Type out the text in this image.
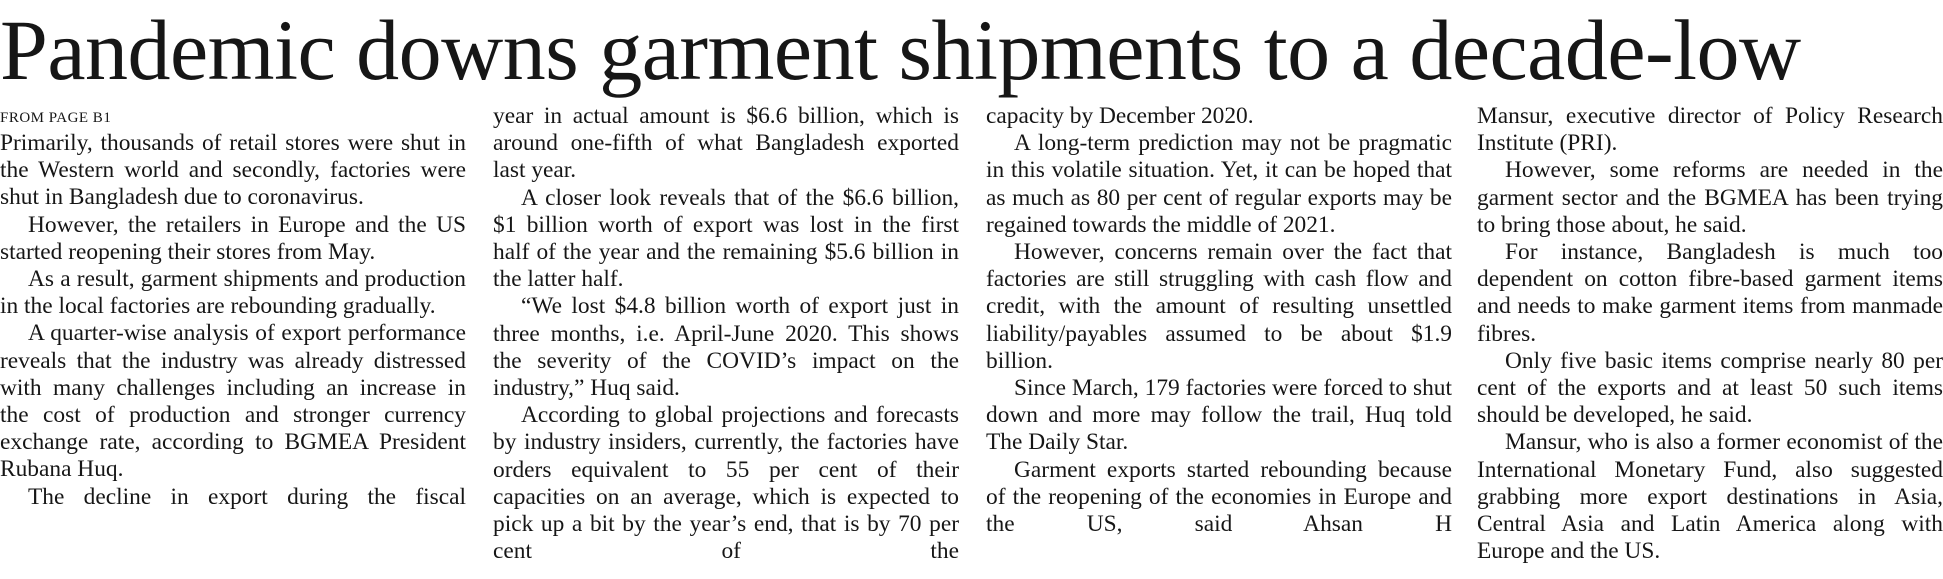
Pandemic downs garment shipments to a decade-low
FROM PAGE B1

Primarily, thousands of retail stores were shut in the Western world and secondly, factories were shut in Bangladesh due to coronavirus.

However, the retailers in Europe and the US started reopening their stores from May.

As a result, garment shipments and production in the local factories are rebounding gradually.

A quarter-wise analysis of export performance reveals that the industry was already distressed with many challenges including an increase in the cost of production and stronger currency exchange rate, according to BGMEA President Rubana Huq.

The decline in export during the fiscal

year in actual amount is $6.6 billion, which is around one-fifth of what Bangladesh exported last year.

A closer look reveals that of the $6.6 billion, $1 billion worth of export was lost in the first half of the year and the remaining $5.6 billion in the latter half.

“We lost $4.8 billion worth of export just in three months, i.e. April-June 2020. This shows the severity of the COVID’s impact on the industry,” Huq said.

According to global projections and forecasts by industry insiders, currently, the factories have orders equivalent to 55 per cent of their capacities on an average, which is expected to pick up a bit by the year’s end, that is by 70 per cent of the

capacity by December 2020.

A long-term prediction may not be pragmatic in this volatile situation. Yet, it can be hoped that as much as 80 per cent of regular exports may be regained towards the middle of 2021.

However, concerns remain over the fact that factories are still struggling with cash flow and credit, with the amount of resulting unsettled liability/payables assumed to be about $1.9 billion.

Since March, 179 factories were forced to shut down and more may follow the trail, Huq told The Daily Star.

Garment exports started rebounding because of the reopening of the economies in Europe and the US, said Ahsan H

Mansur, executive director of Policy Research Institute (PRI).

However, some reforms are needed in the garment sector and the BGMEA has been trying to bring those about, he said.

For instance, Bangladesh is much too dependent on cotton fibre-based garment items and needs to make garment items from manmade fibres.

Only five basic items comprise nearly 80 per cent of the exports and at least 50 such items should be developed, he said.

Mansur, who is also a former economist of the International Monetary Fund, also suggested grabbing more export destinations in Asia, Central Asia and Latin America along with Europe and the US.
